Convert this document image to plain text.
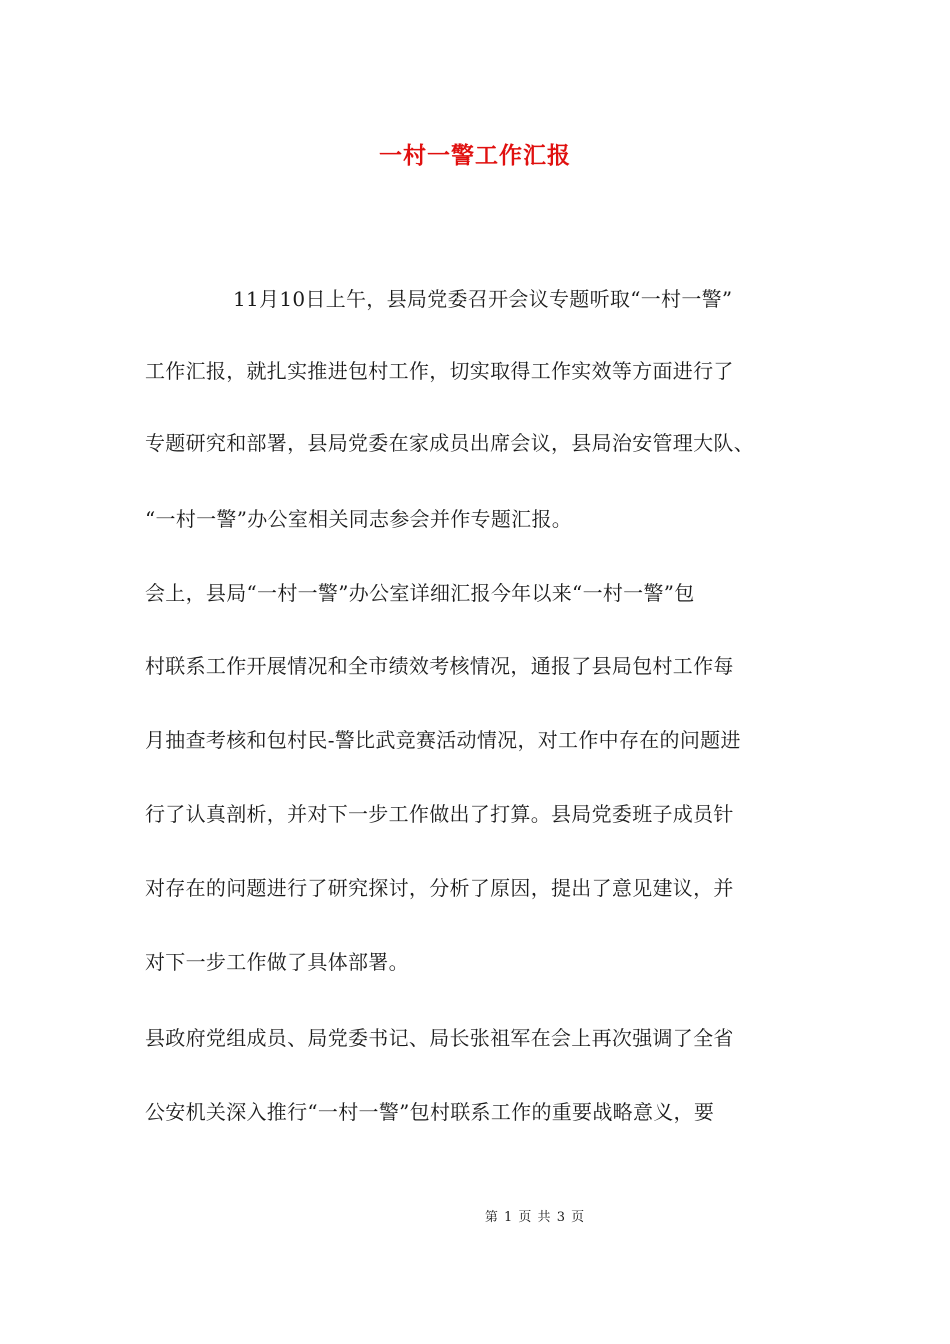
一村一警工作汇报
11月10日上午，县局党委召开会议专题听取“一村一警”
工作汇报，就扎实推进包村工作，切实取得工作实效等方面进行了
专题研究和部署，县局党委在家成员出席会议，县局治安管理大队、
“一村一警”办公室相关同志参会并作专题汇报。
会上，县局“一村一警”办公室详细汇报今年以来“一村一警”包
村联系工作开展情况和全市绩效考核情况，通报了县局包村工作每
月抽查考核和包村民-警比武竞赛活动情况，对工作中存在的问题进
行了认真剖析，并对下一步工作做出了打算。县局党委班子成员针
对存在的问题进行了研究探讨，分析了原因，提出了意见建议，并
对下一步工作做了具体部署。
县政府党组成员、局党委书记、局长张祖军在会上再次强调了全省
公安机关深入推行“一村一警”包村联系工作的重要战略意义，要
第 1 页 共 3 页
